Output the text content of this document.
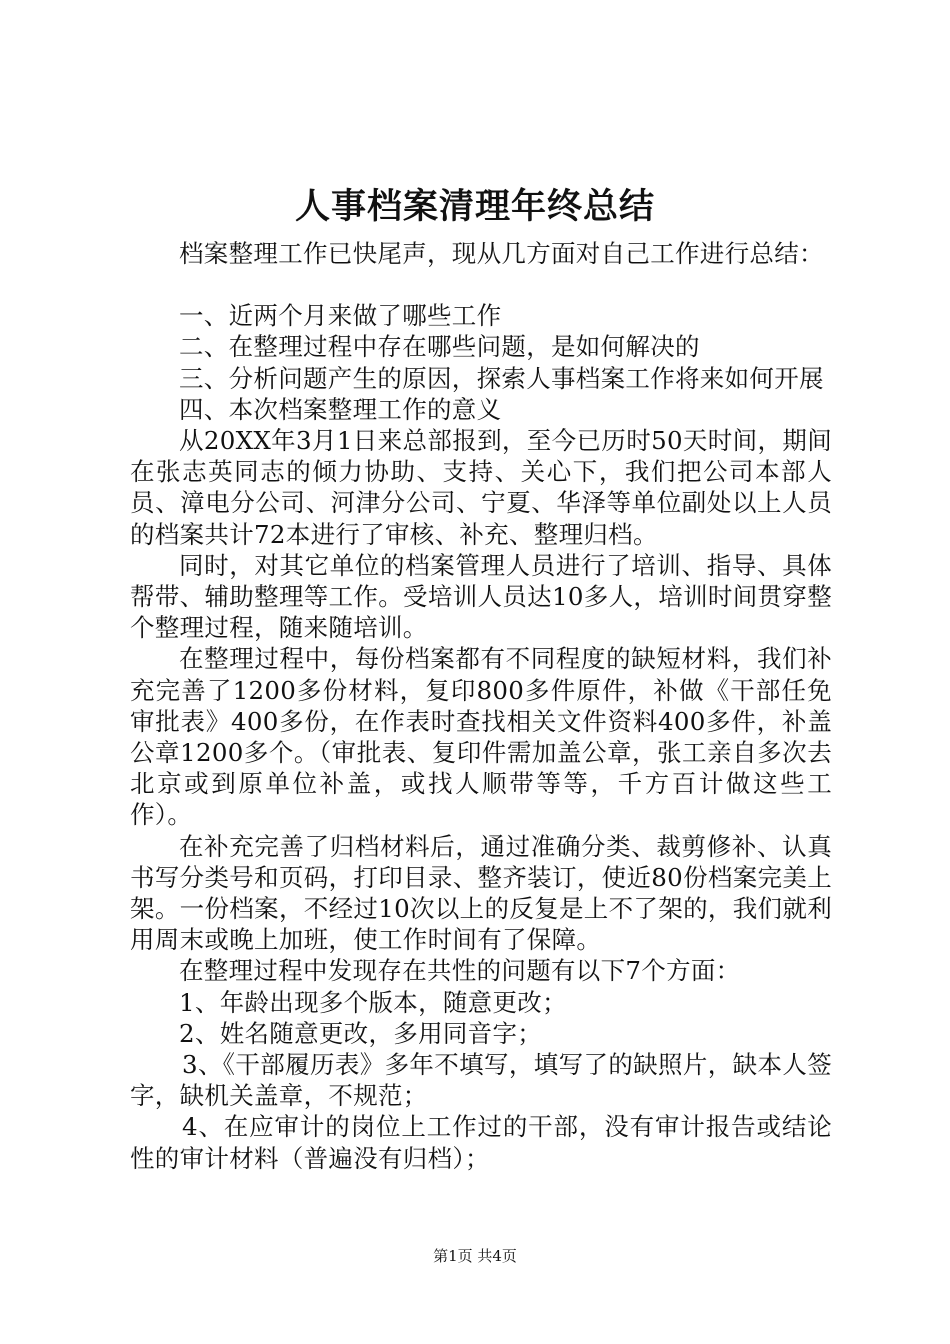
人事档案清理年终总结

档案整理工作已快尾声，现从几方面对自己工作进行总结：

一、近两个月来做了哪些工作

二、在整理过程中存在哪些问题，是如何解决的

三、分析问题产生的原因，探索人事档案工作将来如何开展

四、本次档案整理工作的意义

从20XX年3月1日来总部报到，至今已历时50天时间，期间在张志英同志的倾力协助、支持、关心下，我们把公司本部人员、漳电分公司、河津分公司、宁夏、华泽等单位副处以上人员的档案共计72本进行了审核、补充、整理归档。

同时，对其它单位的档案管理人员进行了培训、指导、具体帮带、辅助整理等工作。受培训人员达10多人，培训时间贯穿整个整理过程，随来随培训。

在整理过程中，每份档案都有不同程度的缺短材料，我们补充完善了1200多份材料，复印800多件原件，补做《干部任免审批表》400多份，在作表时查找相关文件资料400多件，补盖公章1200多个。（审批表、复印件需加盖公章，张工亲自多次去北京或到原单位补盖，或找人顺带等等，千方百计做这些工作）。

在补充完善了归档材料后，通过准确分类、裁剪修补、认真书写分类号和页码，打印目录、整齐装订，使近80份档案完美上架。一份档案，不经过10次以上的反复是上不了架的，我们就利用周末或晚上加班，使工作时间有了保障。

在整理过程中发现存在共性的问题有以下7个方面：

1、年龄出现多个版本，随意更改；

2、姓名随意更改，多用同音字；

3、《干部履历表》多年不填写，填写了的缺照片，缺本人签字，缺机关盖章，不规范；

4、在应审计的岗位上工作过的干部，没有审计报告或结论性的审计材料（普遍没有归档）；

第1页 共4页
